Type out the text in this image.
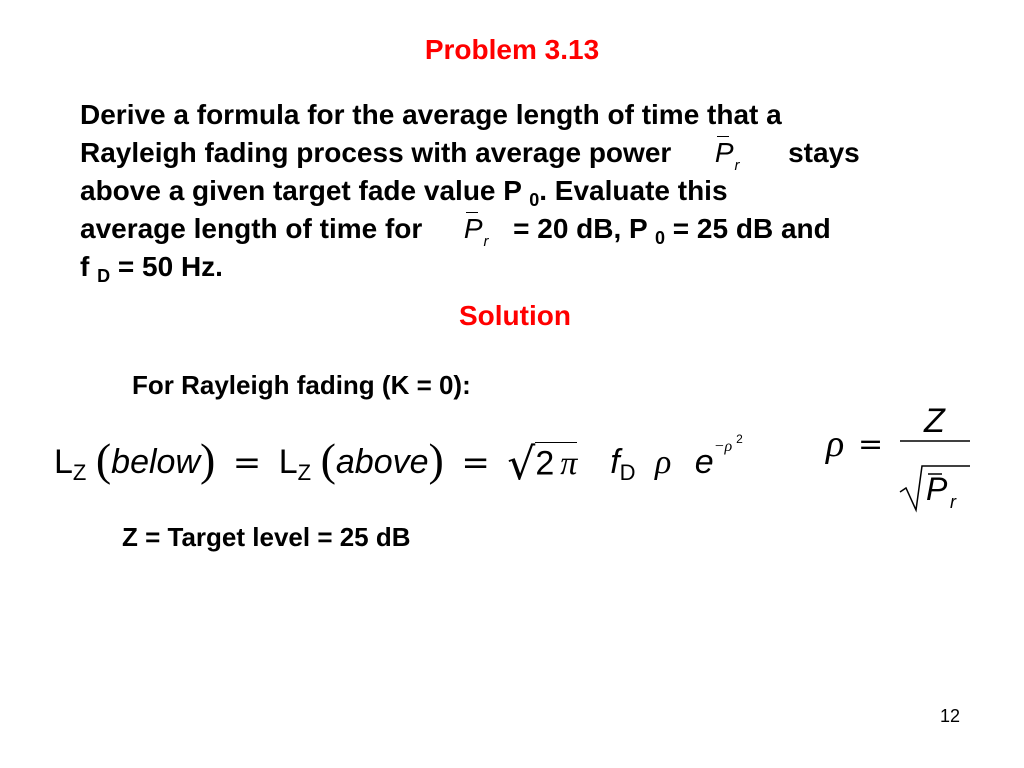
Problem 3.13
Derive a formula for the average length of time that a
Rayleigh fading process with average power $P_r$ stays
above a given target fade value P $_0$. Evaluate this
average length of time for $P_r = 20$ dB, P $_0$ = 25 dB and
f $_D$ = 50 Hz.
Solution
For Rayleigh fading (K = 0):
$L_Z$ (below) = $L_Z$ (above) = √2 π $f_D$ ρ $e^{-\rho}$ $^2$ ρ =
Z
P r
Z = Target level = 25 dB
12
